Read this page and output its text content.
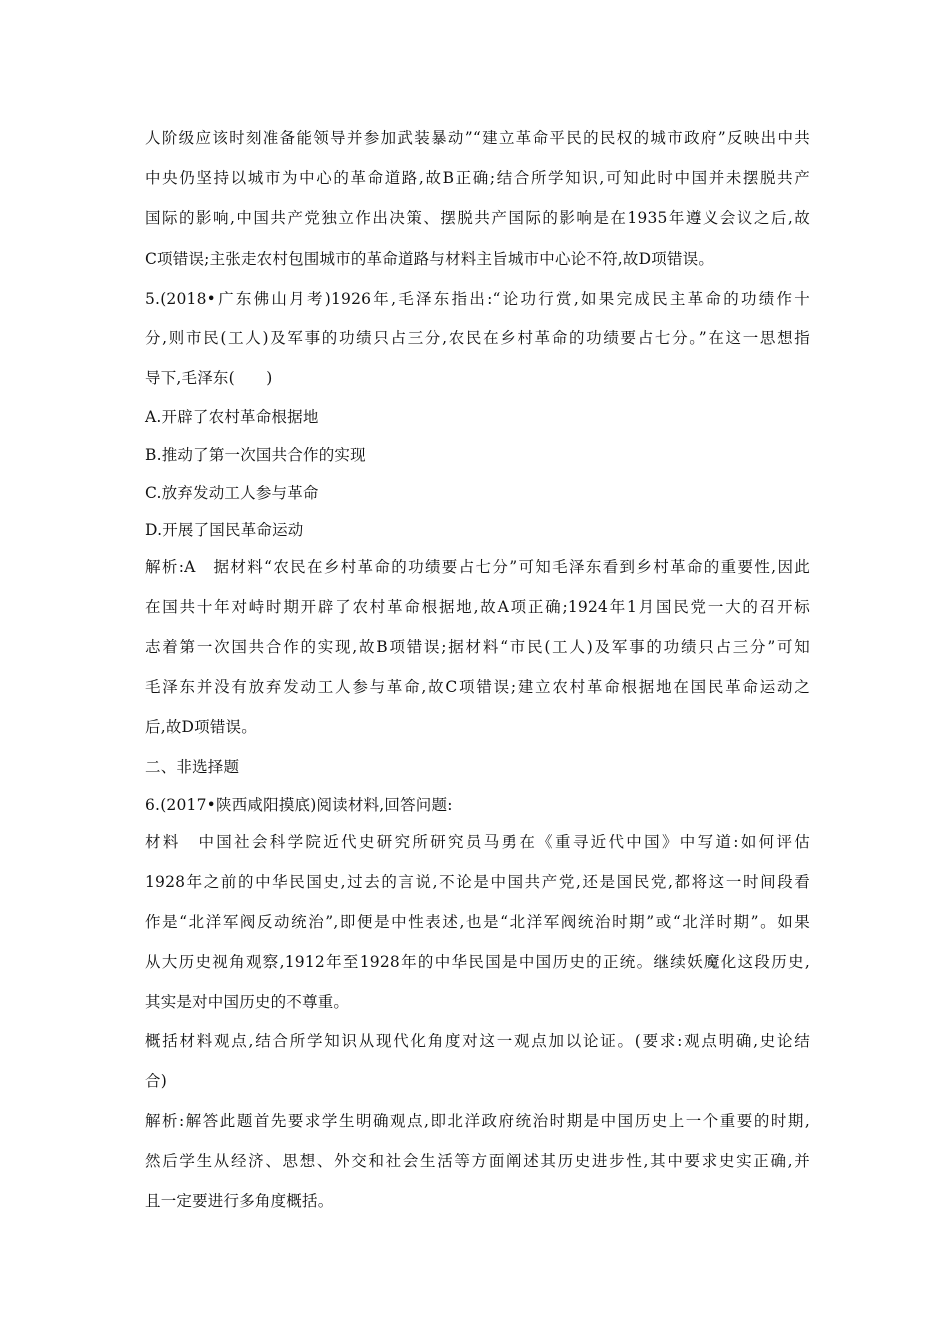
人阶级应该时刻准备能领导并参加武装暴动”“建立革命平民的民权的城市政府”反映出中共
中央仍坚持以城市为中心的革命道路,故B正确;结合所学知识,可知此时中国并未摆脱共产
国际的影响,中国共产党独立作出决策、摆脱共产国际的影响是在1935年遵义会议之后,故
C项错误;主张走农村包围城市的革命道路与材料主旨城市中心论不符,故D项错误。
5.(2018•广东佛山月考)1926年,毛泽东指出:“论功行赏,如果完成民主革命的功绩作十
分,则市民(工人)及军事的功绩只占三分,农民在乡村革命的功绩要占七分。”在这一思想指
导下,毛泽东(　　)
A.开辟了农村革命根据地
B.推动了第一次国共合作的实现
C.放弃发动工人参与革命
D.开展了国民革命运动
解析:A　据材料“农民在乡村革命的功绩要占七分”可知毛泽东看到乡村革命的重要性,因此
在国共十年对峙时期开辟了农村革命根据地,故A项正确;1924年1月国民党一大的召开标
志着第一次国共合作的实现,故B项错误;据材料“市民(工人)及军事的功绩只占三分”可知
毛泽东并没有放弃发动工人参与革命,故C项错误;建立农村革命根据地在国民革命运动之
后,故D项错误。
二、非选择题
6.(2017•陕西咸阳摸底)阅读材料,回答问题:
材料　中国社会科学院近代史研究所研究员马勇在《重寻近代中国》中写道:如何评估
1928年之前的中华民国史,过去的言说,不论是中国共产党,还是国民党,都将这一时间段看
作是“北洋军阀反动统治”,即便是中性表述,也是“北洋军阀统治时期”或“北洋时期”。如果
从大历史视角观察,1912年至1928年的中华民国是中国历史的正统。继续妖魔化这段历史,
其实是对中国历史的不尊重。
概括材料观点,结合所学知识从现代化角度对这一观点加以论证。(要求:观点明确,史论结
合)
解析:解答此题首先要求学生明确观点,即北洋政府统治时期是中国历史上一个重要的时期,
然后学生从经济、思想、外交和社会生活等方面阐述其历史进步性,其中要求史实正确,并
且一定要进行多角度概括。
